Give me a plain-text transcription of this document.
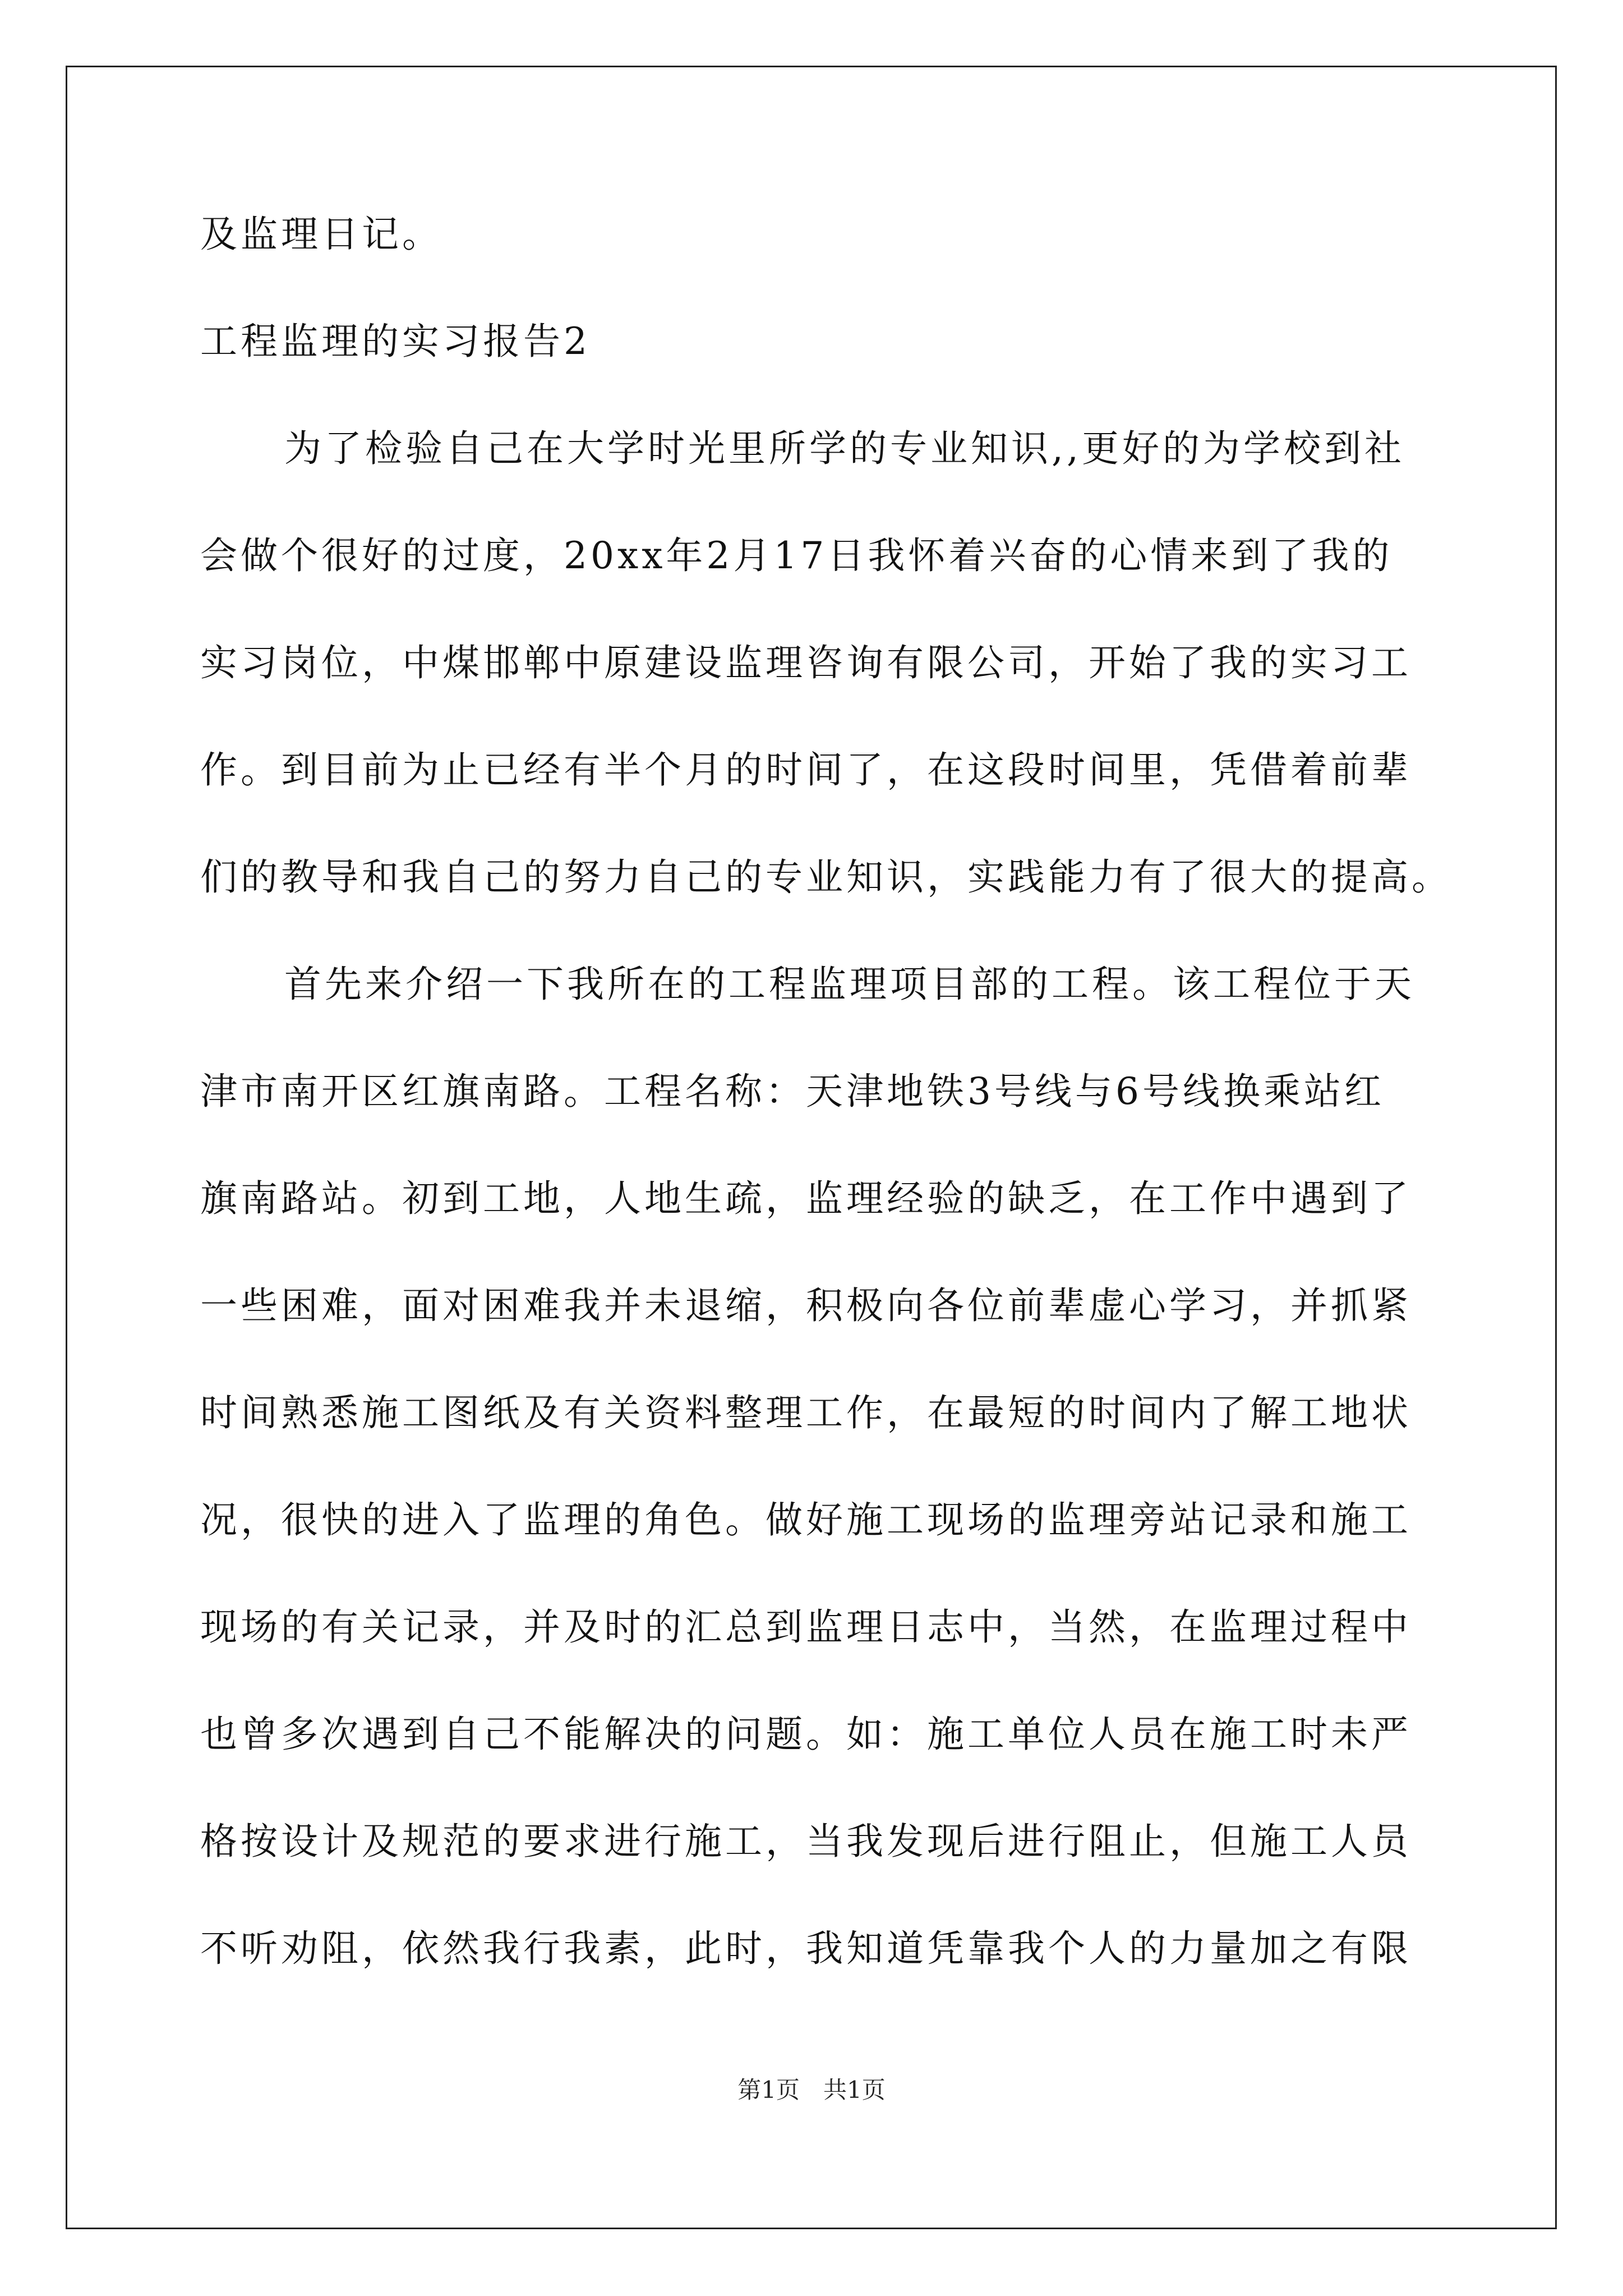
及监理日记。
工程监理的实习报告2
为了检验自己在大学时光里所学的专业知识,,更好的为学校到社
会做个很好的过度，20xx年2月17日我怀着兴奋的心情来到了我的
实习岗位，中煤邯郸中原建设监理咨询有限公司，开始了我的实习工
作。到目前为止已经有半个月的时间了，在这段时间里，凭借着前辈
们的教导和我自己的努力自己的专业知识，实践能力有了很大的提高。
首先来介绍一下我所在的工程监理项目部的工程。该工程位于天
津市南开区红旗南路。工程名称：天津地铁3号线与6号线换乘站红
旗南路站。初到工地，人地生疏，监理经验的缺乏，在工作中遇到了
一些困难，面对困难我并未退缩，积极向各位前辈虚心学习，并抓紧
时间熟悉施工图纸及有关资料整理工作，在最短的时间内了解工地状
况，很快的进入了监理的角色。做好施工现场的监理旁站记录和施工
现场的有关记录，并及时的汇总到监理日志中，当然，在监理过程中
也曾多次遇到自己不能解决的问题。如：施工单位人员在施工时未严
格按设计及规范的要求进行施工，当我发现后进行阻止，但施工人员
不听劝阻，依然我行我素，此时，我知道凭靠我个人的力量加之有限
第1页　共1页
